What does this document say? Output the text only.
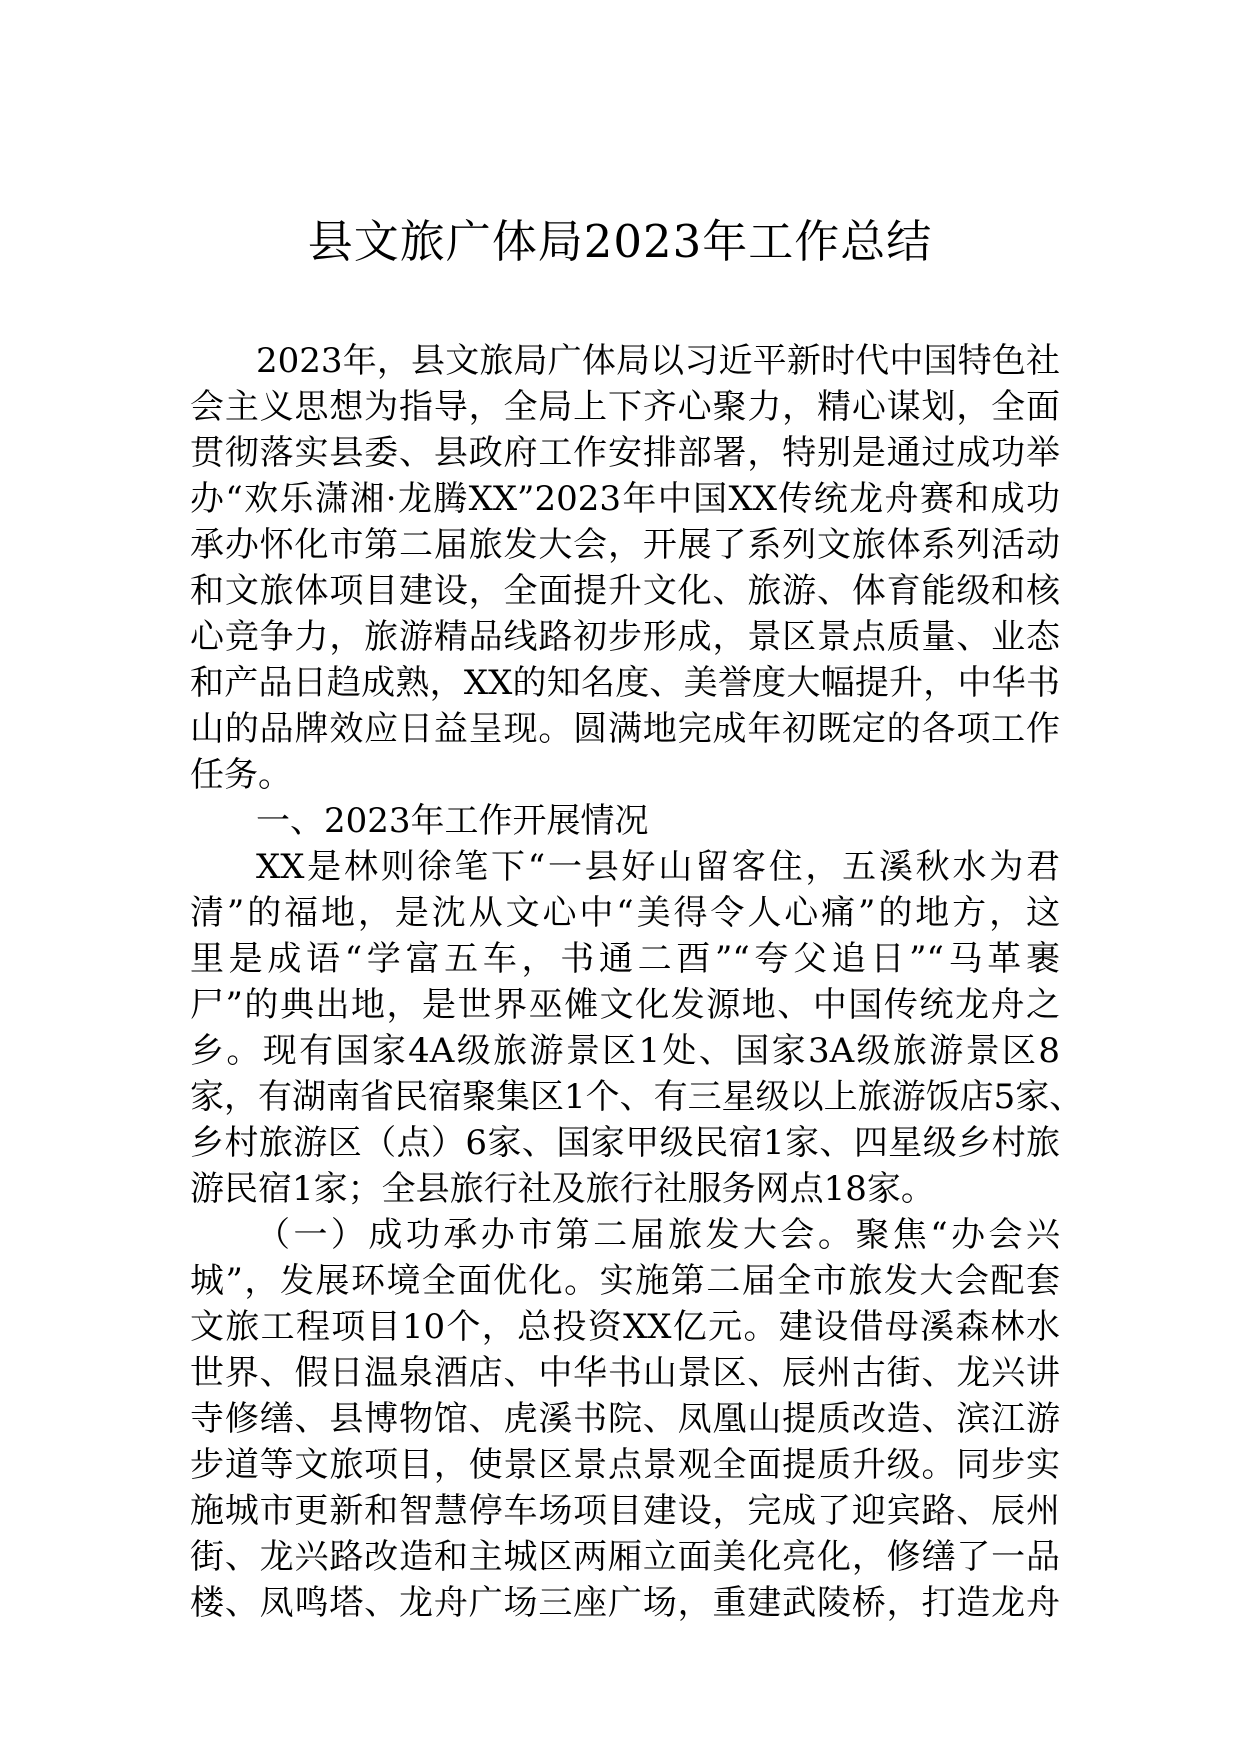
县文旅广体局2023年工作总结
2023年，县文旅局广体局以习近平新时代中国特色社
会主义思想为指导，全局上下齐心聚力，精心谋划，全面
贯彻落实县委、县政府工作安排部署，特别是通过成功举
办“欢乐潇湘·龙腾XX”2023年中国XX传统龙舟赛和成功
承办怀化市第二届旅发大会，开展了系列文旅体系列活动
和文旅体项目建设，全面提升文化、旅游、体育能级和核
心竞争力，旅游精品线路初步形成，景区景点质量、业态
和产品日趋成熟，XX的知名度、美誉度大幅提升，中华书
山的品牌效应日益呈现。圆满地完成年初既定的各项工作
任务。
一、2023年工作开展情况
XX是林则徐笔下“一县好山留客住，五溪秋水为君
清”的福地，是沈从文心中“美得令人心痛”的地方，这
里是成语“学富五车，书通二酉”“夸父追日”“马革裹
尸”的典出地，是世界巫傩文化发源地、中国传统龙舟之
乡。现有国家4A级旅游景区1处、国家3A级旅游景区8
家，有湖南省民宿聚集区1个、有三星级以上旅游饭店5家、
乡村旅游区（点）6家、国家甲级民宿1家、四星级乡村旅
游民宿1家；全县旅行社及旅行社服务网点18家。
（一）成功承办市第二届旅发大会。聚焦“办会兴
城”，发展环境全面优化。实施第二届全市旅发大会配套
文旅工程项目10个，总投资XX亿元。建设借母溪森林水
世界、假日温泉酒店、中华书山景区、辰州古街、龙兴讲
寺修缮、县博物馆、虎溪书院、凤凰山提质改造、滨江游
步道等文旅项目，使景区景点景观全面提质升级。同步实
施城市更新和智慧停车场项目建设，完成了迎宾路、辰州
街、龙兴路改造和主城区两厢立面美化亮化，修缮了一品
楼、凤鸣塔、龙舟广场三座广场，重建武陵桥，打造龙舟
